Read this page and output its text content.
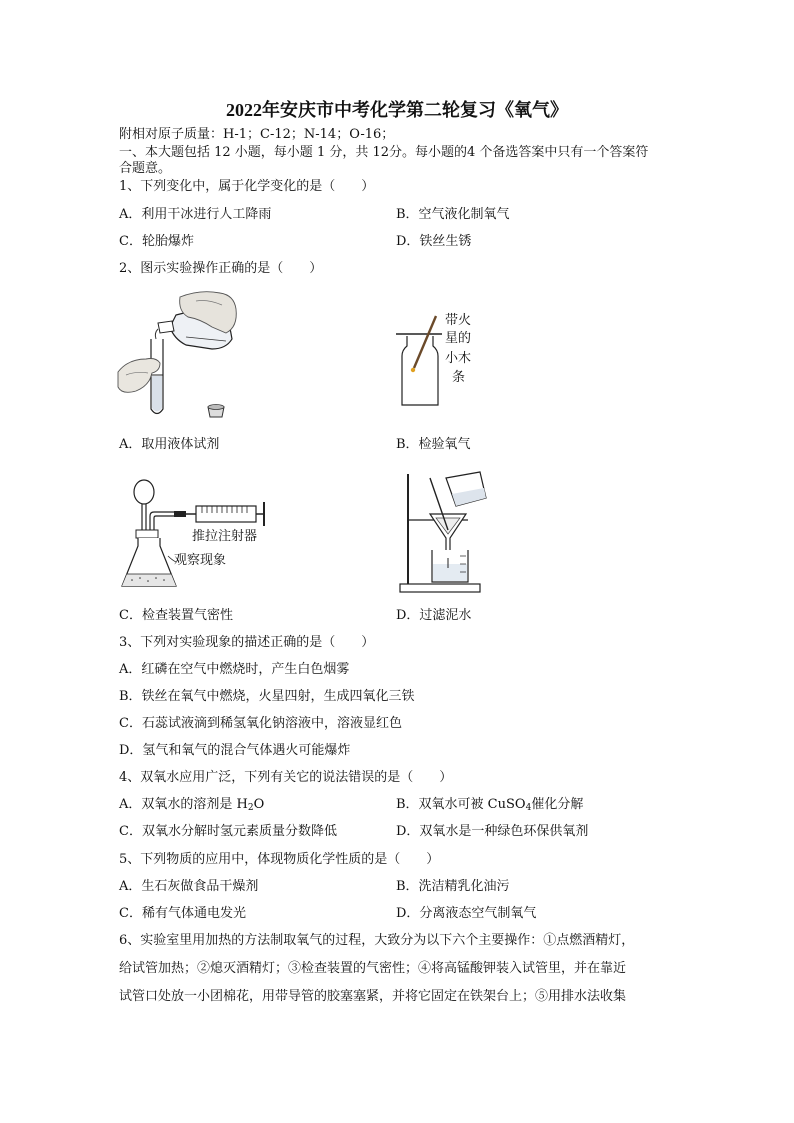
2022年安庆市中考化学第二轮复习《氧气》
附相对原子质量：H-1；C-12；N-14；O-16；
一、本大题包括 12 小题，每小题 1 分，共 12分。每小题的4 个备选答案中只有一个答案符
合题意。
1、下列变化中，属于化学变化的是（　　）
A．利用干冰进行人工降雨	B．空气液化制氧气
C．轮胎爆炸	D．铁丝生锈
2、图示实验操作正确的是（　　）
带火
星的
小木
条
A．取用液体试剂	B．检验氧气
推拉注射器
观察现象
C．检查装置气密性	D．过滤泥水
3、下列对实验现象的描述正确的是（　　）
A．红磷在空气中燃烧时，产生白色烟雾
B．铁丝在氧气中燃烧，火星四射，生成四氧化三铁
C．石蕊试液滴到稀氢氧化钠溶液中，溶液显红色
D．氢气和氧气的混合气体遇火可能爆炸
4、双氧水应用广泛，下列有关它的说法错误的是（　　）
A．双氧水的溶剂是 $H_2O$	B．双氧水可被 CuSO$_4$催化分解
C．双氧水分解时氢元素质量分数降低	D．双氧水是一种绿色环保供氧剂
5、下列物质的应用中，体现物质化学性质的是（　　）
A．生石灰做食品干燥剂	B．洗洁精乳化油污
C．稀有气体通电发光	D．分离液态空气制氧气
6、实验室里用加热的方法制取氧气的过程，大致分为以下六个主要操作：①点燃酒精灯，
给试管加热；②熄灭酒精灯；③检查装置的气密性；④将高锰酸钾装入试管里，并在靠近
试管口处放一小团棉花，用带导管的胶塞塞紧，并将它固定在铁架台上；⑤用排水法收集
